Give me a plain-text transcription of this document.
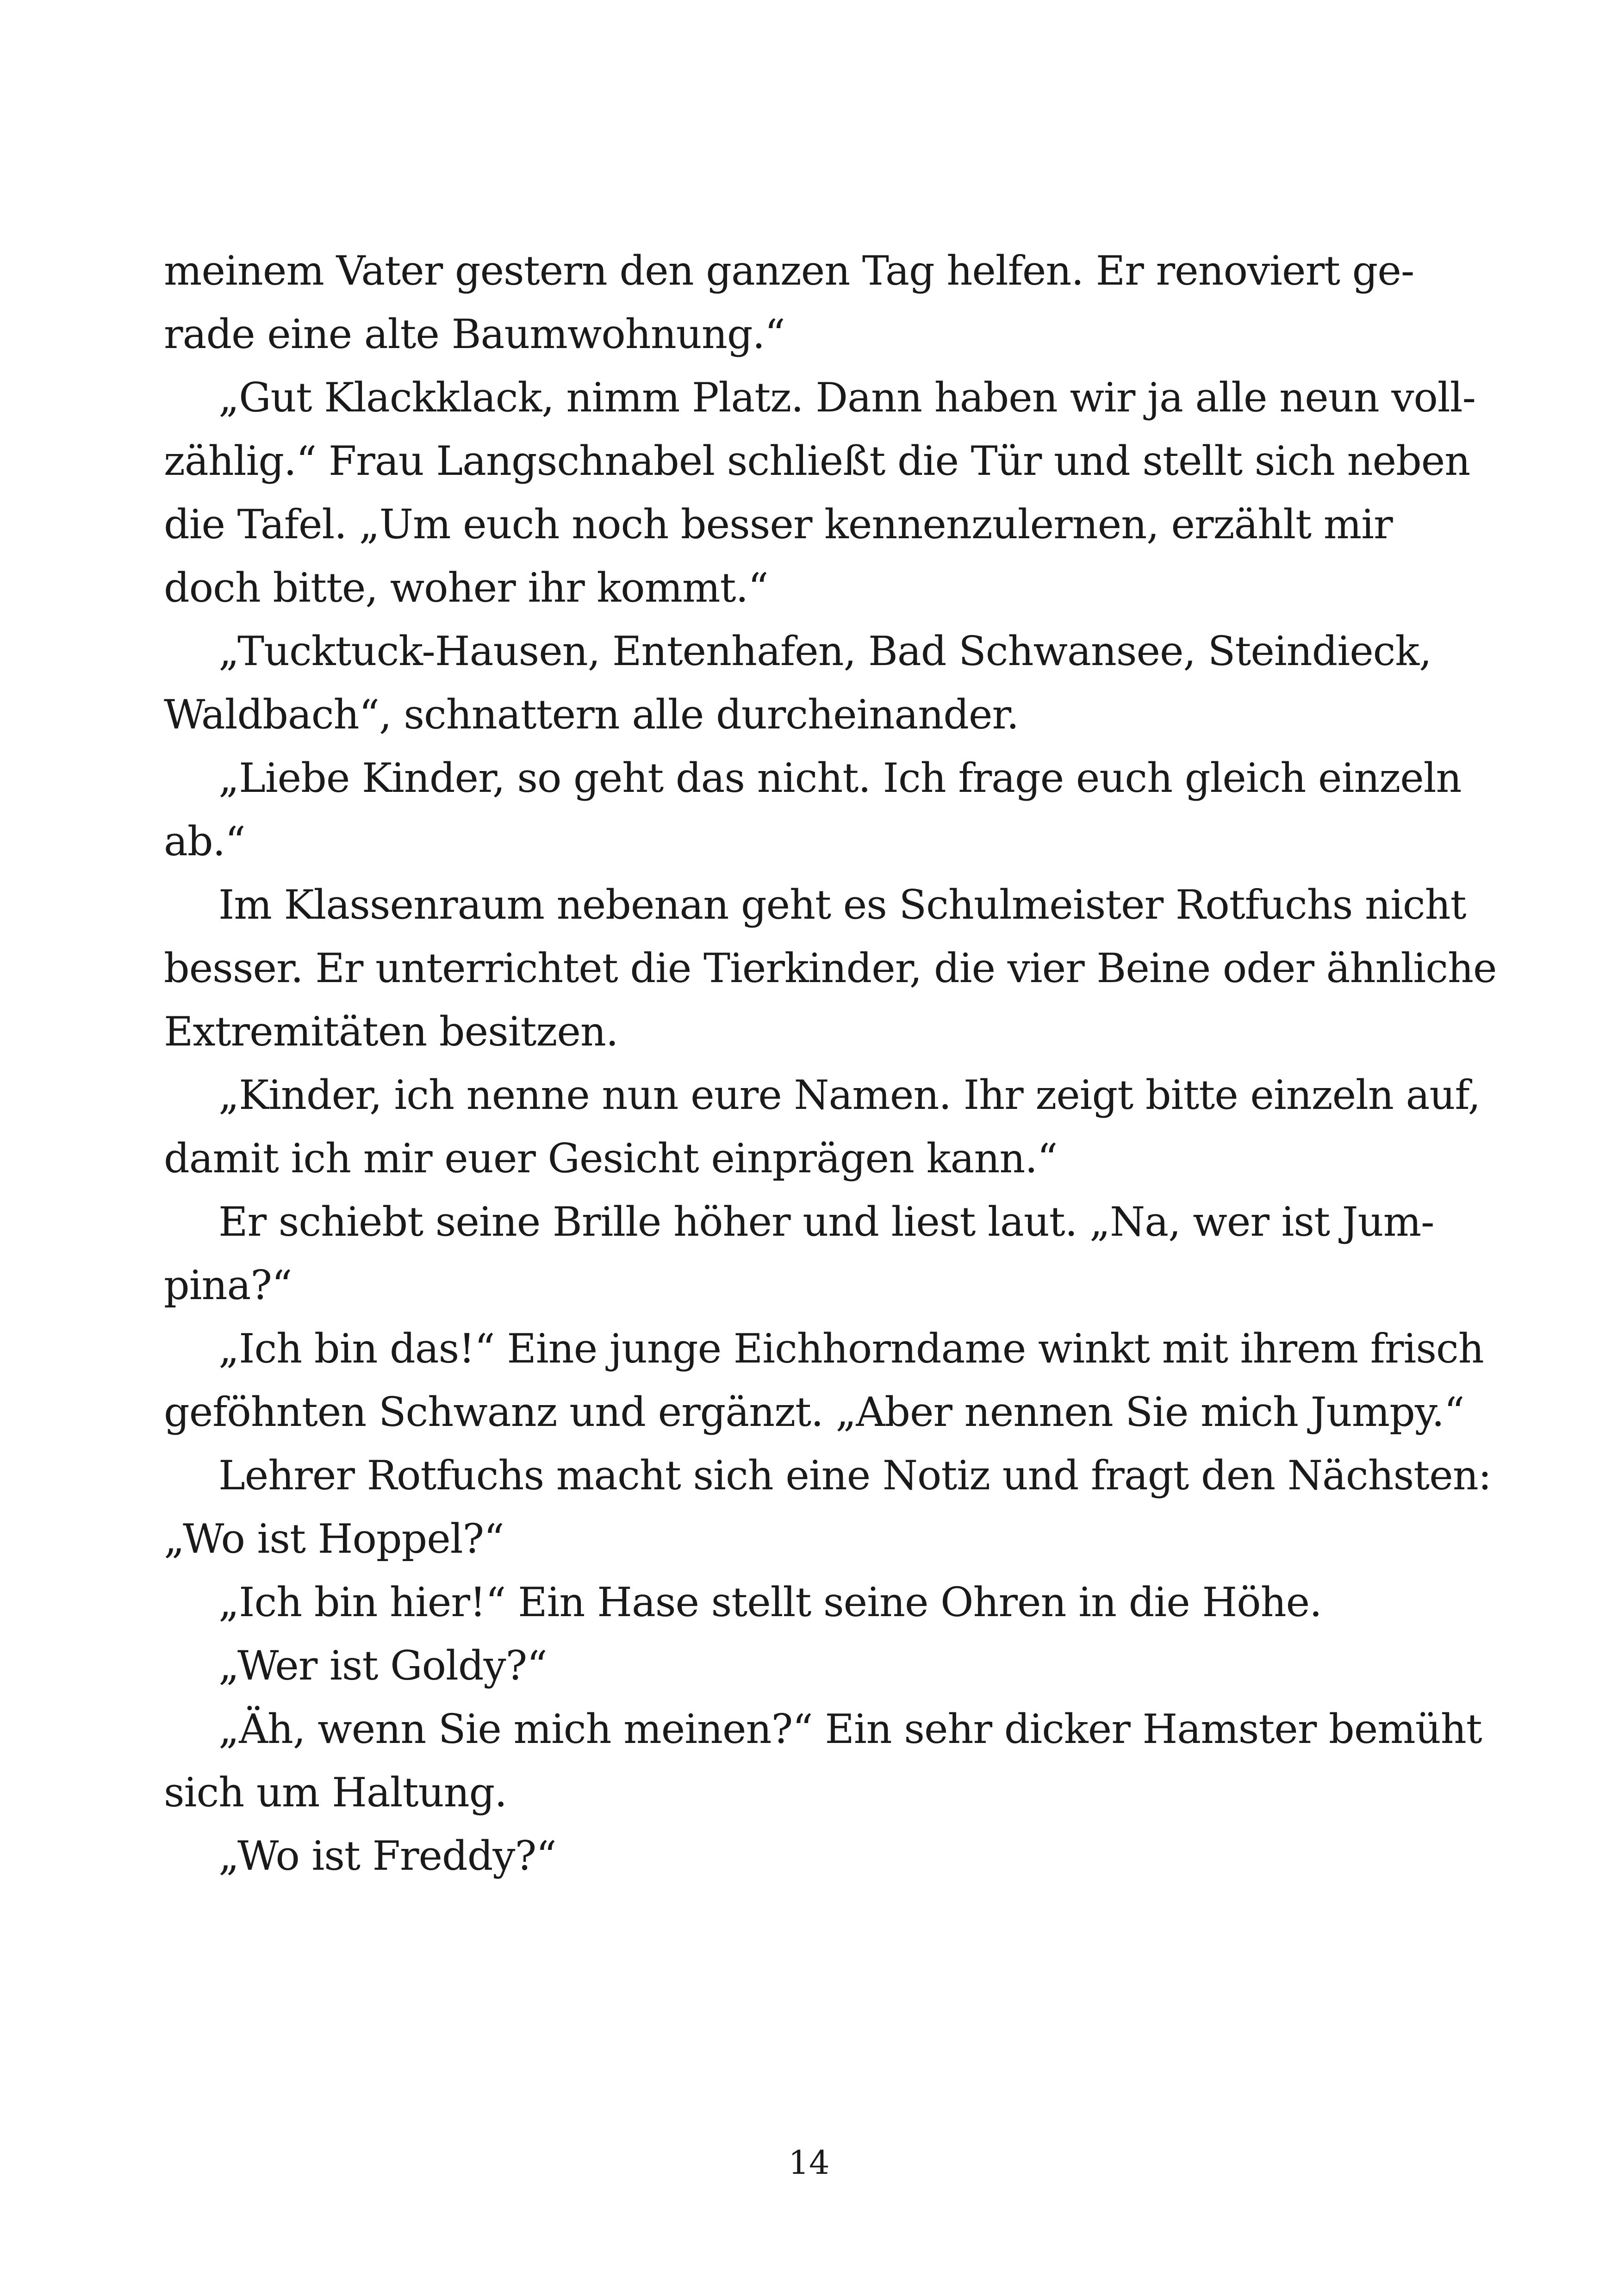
meinem Vater gestern den ganzen Tag helfen. Er renoviert ge-
rade eine alte Baumwohnung.“
„Gut Klackklack, nimm Platz. Dann haben wir ja alle neun voll-
zählig.“ Frau Langschnabel schließt die Tür und stellt sich neben
die Tafel. „Um euch noch besser kennenzulernen, erzählt mir
doch bitte, woher ihr kommt.“
„Tucktuck-Hausen, Entenhafen, Bad Schwansee, Steindieck,
Waldbach“, schnattern alle durcheinander.
„Liebe Kinder, so geht das nicht. Ich frage euch gleich einzeln
ab.“
Im Klassenraum nebenan geht es Schulmeister Rotfuchs nicht
besser. Er unterrichtet die Tierkinder, die vier Beine oder ähnliche
Extremitäten besitzen.
„Kinder, ich nenne nun eure Namen. Ihr zeigt bitte einzeln auf,
damit ich mir euer Gesicht einprägen kann.“
Er schiebt seine Brille höher und liest laut. „Na, wer ist Jum-
pina?“
„Ich bin das!“ Eine junge Eichhorndame winkt mit ihrem frisch
geföhnten Schwanz und ergänzt. „Aber nennen Sie mich Jumpy.“
Lehrer Rotfuchs macht sich eine Notiz und fragt den Nächsten:
„Wo ist Hoppel?“
„Ich bin hier!“ Ein Hase stellt seine Ohren in die Höhe.
„Wer ist Goldy?“
„Äh, wenn Sie mich meinen?“ Ein sehr dicker Hamster bemüht
sich um Haltung.
„Wo ist Freddy?“
14
